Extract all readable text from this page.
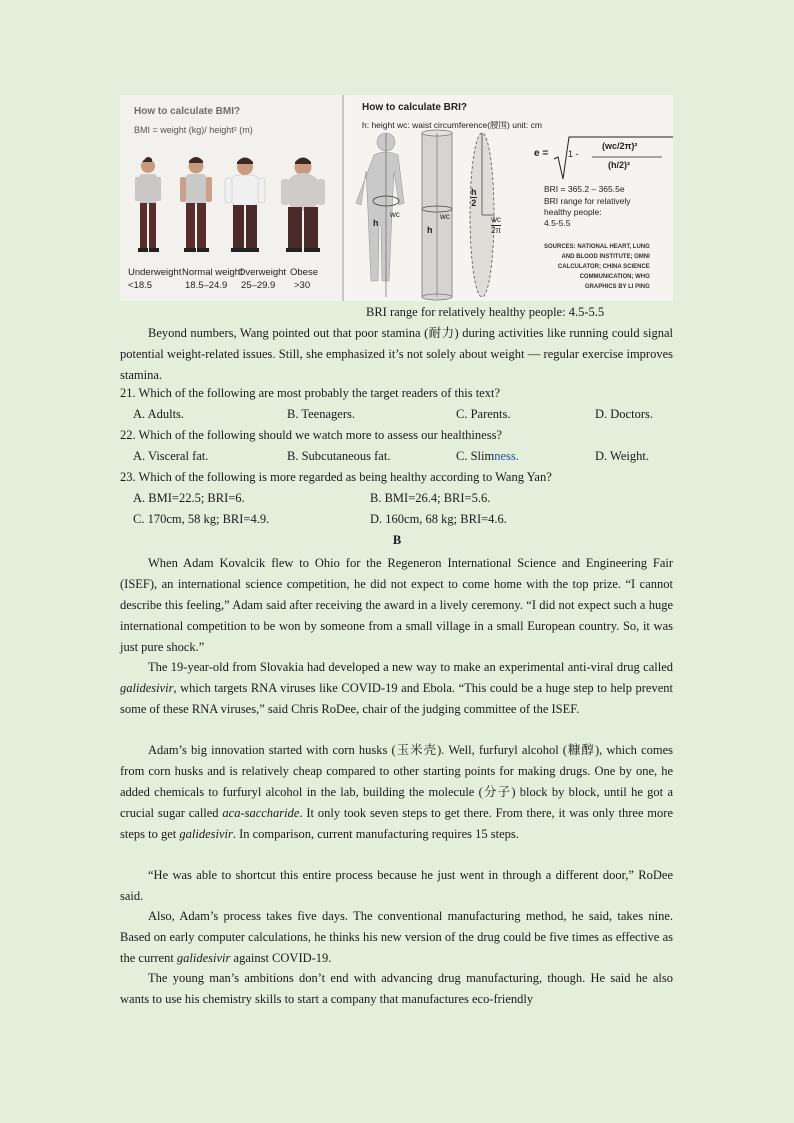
How to calculate BMI?
BMI = weight (kg)/ height² (m)
Underweight
<18.5
Normal weight
18.5–24.9
Overweight
25–29.9
Obese
>30
How to calculate BRI?
h: height wc: waist circumference(腰围) unit: cm
h
wc
h
wc
h
2
wc
2π
e = 1 -
(wc/2π)²
(h/2)²
BRI = 365.2 – 365.5e
BRI range for relatively
healthy people:
4.5-5.5
SOURCES: NATIONAL HEART, LUNG
AND BLOOD INSTITUTE; OMNI
CALCULATOR; CHINA SCIENCE
COMMUNICATION; WHO
GRAPHICS BY LI PING
BRI range for relatively healthy people: 4.5-5.5
Beyond numbers, Wang pointed out that poor stamina (耐力) during activities like running could signal potential weight-related issues. Still, she emphasized it’s not solely about weight — regular exercise improves stamina.
21. Which of the following are most probably the target readers of this text?
A. Adults.	B. Teenagers.	C. Parents.	D. Doctors.
22. Which of the following should we watch more to assess our healthiness?
A. Visceral fat.	B. Subcutaneous fat.	C. Slimness.	D. Weight.
23. Which of the following is more regarded as being healthy according to Wang Yan?
A. BMI=22.5; BRI=6.	B. BMI=26.4; BRI=5.6.
C. 170cm, 58 kg; BRI=4.9.	D. 160cm, 68 kg; BRI=4.6.
B
When Adam Kovalcik flew to Ohio for the Regeneron International Science and Engineering Fair (ISEF), an international science competition, he did not expect to come home with the top prize. “I cannot describe this feeling,” Adam said after receiving the award in a lively ceremony. “I did not expect such a huge international competition to be won by someone from a small village in a small European country. So, it was just pure shock.”
The 19-year-old from Slovakia had developed a new way to make an experimental anti-viral drug called galidesivir, which targets RNA viruses like COVID-19 and Ebola. “This could be a huge step to help prevent some of these RNA viruses,” said Chris RoDee, chair of the judging committee of the ISEF.
Adam’s big innovation started with corn husks (玉米壳). Well, furfuryl alcohol (糠醇), which comes from corn husks and is relatively cheap compared to other starting points for making drugs. One by one, he added chemicals to furfuryl alcohol in the lab, building the molecule (分子) block by block, until he got a crucial sugar called aca-saccharide. It only took seven steps to get there. From there, it was only three more steps to get galidesivir. In comparison, current manufacturing requires 15 steps.
“He was able to shortcut this entire process because he just went in through a different door,” RoDee said.
Also, Adam’s process takes five days. The conventional manufacturing method, he said, takes nine. Based on early computer calculations, he thinks his new version of the drug could be five times as effective as the current galidesivir against COVID-19.
The young man’s ambitions don’t end with advancing drug manufacturing, though. He said he also wants to use his chemistry skills to start a company that manufactures eco-friendly
